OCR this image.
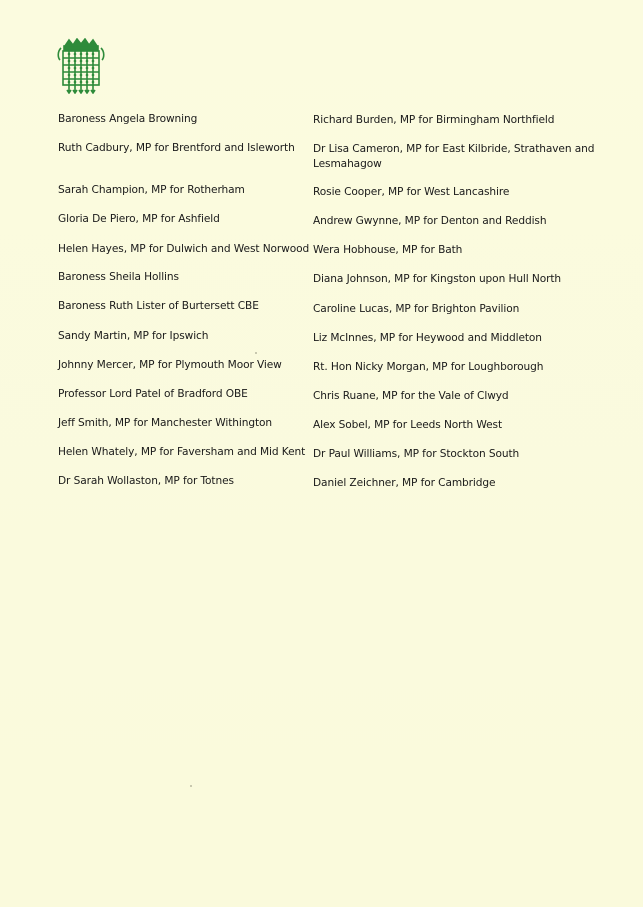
Baroness Angela Browning
Ruth Cadbury, MP for Brentford and Isleworth
Sarah Champion, MP for Rotherham
Gloria De Piero, MP for Ashfield
Helen Hayes, MP for Dulwich and West Norwood
Baroness Sheila Hollins
Baroness Ruth Lister of Burtersett CBE
Sandy Martin, MP for Ipswich
Johnny Mercer, MP for Plymouth Moor View
Professor Lord Patel of Bradford OBE
Jeff Smith, MP for Manchester Withington
Helen Whately, MP for Faversham and Mid Kent
Dr Sarah Wollaston, MP for Totnes
Richard Burden, MP for Birmingham Northfield
Dr Lisa Cameron, MP for East Kilbride, Strathaven and Lesmahagow
Rosie Cooper, MP for West Lancashire
Andrew Gwynne, MP for Denton and Reddish
Wera Hobhouse, MP for Bath
Diana Johnson, MP for Kingston upon Hull North
Caroline Lucas, MP for Brighton Pavilion
Liz McInnes, MP for Heywood and Middleton
Rt. Hon Nicky Morgan, MP for Loughborough
Chris Ruane, MP for the Vale of Clwyd
Alex Sobel, MP for Leeds North West
Dr Paul Williams, MP for Stockton South
Daniel Zeichner, MP for Cambridge
